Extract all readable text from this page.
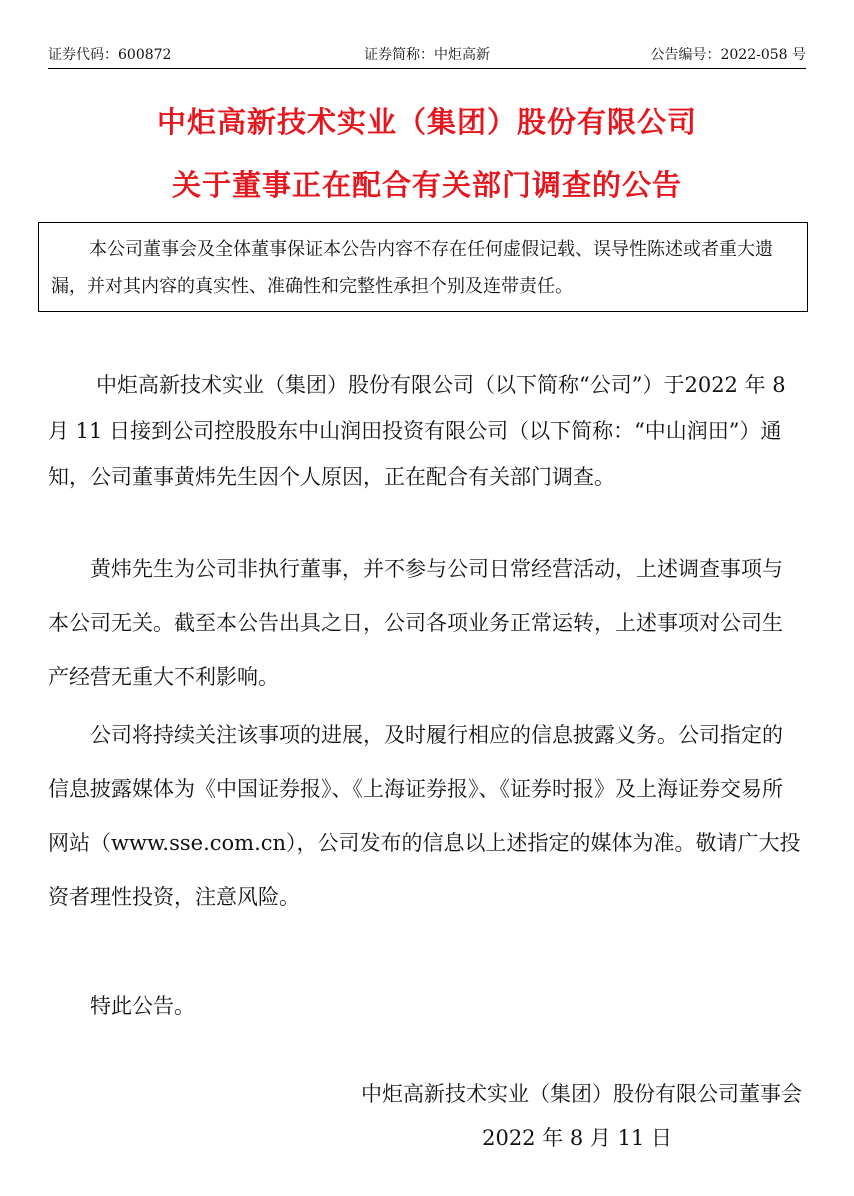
证券代码：600872	证券简称：中炬高新	公告编号：2022-058 号
中炬高新技术实业（集团）股份有限公司
关于董事正在配合有关部门调查的公告
本公司董事会及全体董事保证本公告内容不存在任何虚假记载、误导性陈述或者重大遗漏，并对其内容的真实性、准确性和完整性承担个别及连带责任。
中炬高新技术实业（集团）股份有限公司（以下简称“公司”）于2022 年 8 月 11 日接到公司控股股东中山润田投资有限公司（以下简称：“中山润田”）通知，公司董事黄炜先生因个人原因，正在配合有关部门调查。
黄炜先生为公司非执行董事，并不参与公司日常经营活动，上述调查事项与本公司无关。截至本公告出具之日，公司各项业务正常运转，上述事项对公司生产经营无重大不利影响。
公司将持续关注该事项的进展，及时履行相应的信息披露义务。公司指定的信息披露媒体为《中国证券报》、《上海证券报》、《证券时报》及上海证券交易所网站（www.sse.com.cn），公司发布的信息以上述指定的媒体为准。敬请广大投资者理性投资，注意风险。
特此公告。
中炬高新技术实业（集团）股份有限公司董事会
2022 年 8 月 11 日
